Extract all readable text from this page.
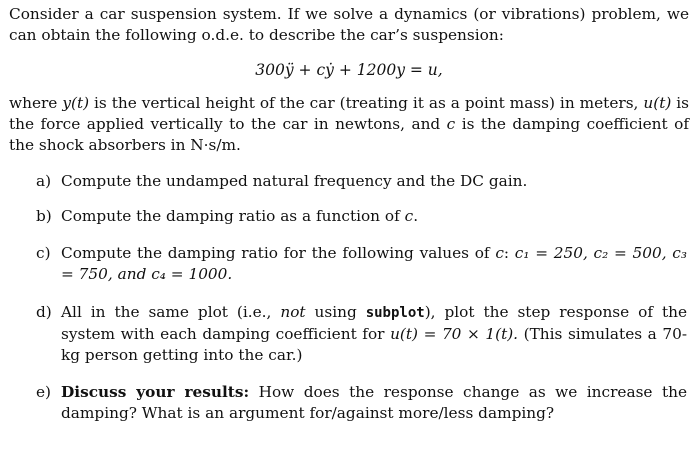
Consider a car suspension system. If we solve a dynamics (or vibrations) problem, we can obtain the following o.d.e. to describe the car’s suspension:

300ÿ + cẏ + 1200y = u,

where y(t) is the vertical height of the car (treating it as a point mass) in meters, u(t) is the force applied vertically to the car in newtons, and c is the damping coefficient of the shock absorbers in N·s/m.

a) Compute the undamped natural frequency and the DC gain.
b) Compute the damping ratio as a function of c.
c) Compute the damping ratio for the following values of c: c₁ = 250, c₂ = 500, c₃ = 750, and c₄ = 1000.
d) All in the same plot (i.e., not using subplot), plot the step response of the system with each damping coefficient for u(t) = 70 × 1(t). (This simulates a 70-kg person getting into the car.)
e) Discuss your results: How does the response change as we increase the damping? What is an argument for/against more/less damping?
